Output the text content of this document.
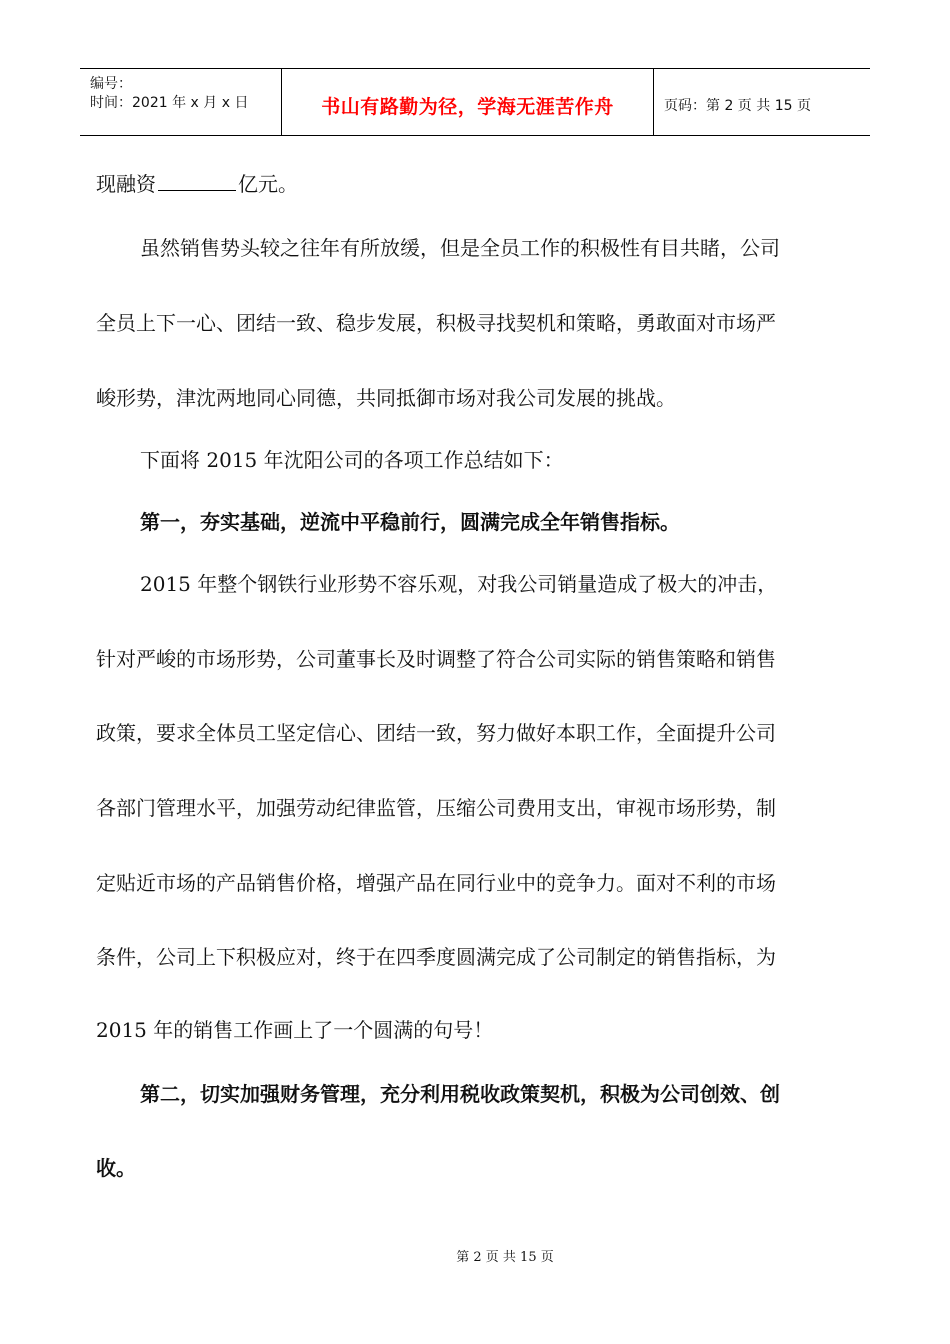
编号：
时间：2021 年 x 月 x 日	书山有路勤为径，学海无涯苦作舟	页码：第 2 页 共 15 页
现融资	亿元。
虽然销售势头较之往年有所放缓，但是全员工作的积极性有目共睹，公司
全员上下一心、团结一致、稳步发展，积极寻找契机和策略，勇敢面对市场严
峻形势，津沈两地同心同德，共同抵御市场对我公司发展的挑战。
下面将 2015 年沈阳公司的各项工作总结如下：
第一，夯实基础，逆流中平稳前行，圆满完成全年销售指标。
2015 年整个钢铁行业形势不容乐观，对我公司销量造成了极大的冲击，
针对严峻的市场形势，公司董事长及时调整了符合公司实际的销售策略和销售
政策，要求全体员工坚定信心、团结一致，努力做好本职工作，全面提升公司
各部门管理水平，加强劳动纪律监管，压缩公司费用支出，审视市场形势，制
定贴近市场的产品销售价格，增强产品在同行业中的竞争力。面对不利的市场
条件，公司上下积极应对，终于在四季度圆满完成了公司制定的销售指标，为
2015 年的销售工作画上了一个圆满的句号！
第二，切实加强财务管理，充分利用税收政策契机，积极为公司创效、创
收。
第 2 页 共 15 页
